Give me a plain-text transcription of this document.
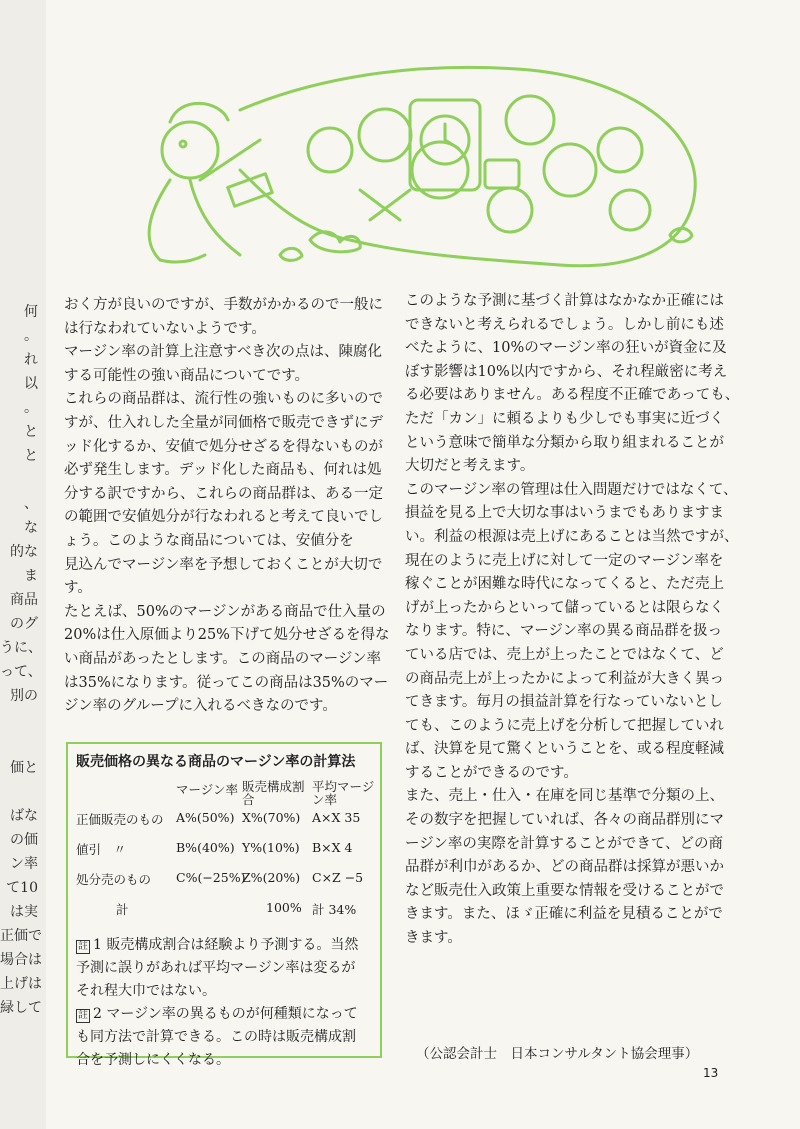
何
。
れ
以
。
と
と
、
な
的な
ま
商品
のグ
うに、
って、
別の
価と
ばな
の価
ン率
て10
は実
正価で
場合は
上げは
緑して

おく方が良いのですが、手数がかかるので一般に

は行なわれていないようです。

マージン率の計算上注意すべき次の点は、陳腐化

する可能性の強い商品についてです。

これらの商品群は、流行性の強いものに多いので

すが、仕入れした全量が同価格で販売できずにデ

ッド化するか、安値で処分せざるを得ないものが

必ず発生します。デッド化した商品も、何れは処

分する訳ですから、これらの商品群は、ある一定

の範囲で安値処分が行なわれると考えて良いでし

ょう。このような商品については、安値分を

見込んでマージン率を予想しておくことが大切です。

たとえば、50%のマージンがある商品で仕入量の

20%は仕入原価より25%下げて処分せざるを得な

い商品があったとします。この商品のマージン率

は35%になります。従ってこの商品は35%のマー

ジン率のグループに入れるべきなのです。

販売価格の異なる商品のマージン率の計算法
マージン率 販売構成割合
平均マージン率
正価販売のもの A%(50%) X%(70%) A×X 35
値引　〃	B%(40%) Y%(10%) B×X 4
処分売のもの C%(−25%)
Z%(20%) C×Z −5
計	100% 計 34%
註 1 販売構成割合は経験より予測する。当然
予測に誤りがあれば平均マージン率は変るが
それ程大巾ではない。
註 2 マージン率の異るものが何種類になって
も同方法で計算できる。この時は販売構成割
合を予測しにくくなる。

このような予測に基づく計算はなかなか正確には

できないと考えられるでしょう。しかし前にも述

べたように、10%のマージン率の狂いが資金に及

ぼす影響は10%以内ですから、それ程厳密に考え

る必要はありません。ある程度不正確であっても、

ただ「カン」に頼るよりも少しでも事実に近づく

という意味で簡単な分類から取り組まれることが

大切だと考えます。

このマージン率の管理は仕入問題だけではなくて、

損益を見る上で大切な事はいうまでもありますま

い。利益の根源は売上げにあることは当然ですが、

現在のように売上げに対して一定のマージン率を

稼ぐことが困難な時代になってくると、ただ売上

げが上ったからといって儲っているとは限らなく

なります。特に、マージン率の異る商品群を扱っ

ている店では、売上が上ったことではなくて、ど

の商品売上が上ったかによって利益が大きく異っ

てきます。毎月の損益計算を行なっていないとし

ても、このように売上げを分析して把握していれ

ば、決算を見て驚くということを、或る程度軽減

することができるのです。

また、売上・仕入・在庫を同じ基準で分類の上、

その数字を把握していれば、各々の商品群別にマ

ージン率の実際を計算することができて、どの商

品群が利巾があるか、どの商品群は採算が悪いか

など販売仕入政策上重要な情報を受けることがで

きます。また、ほゞ正確に利益を見積ることがで

きます。

（公認会計士　日本コンサルタント協会理事）
13
